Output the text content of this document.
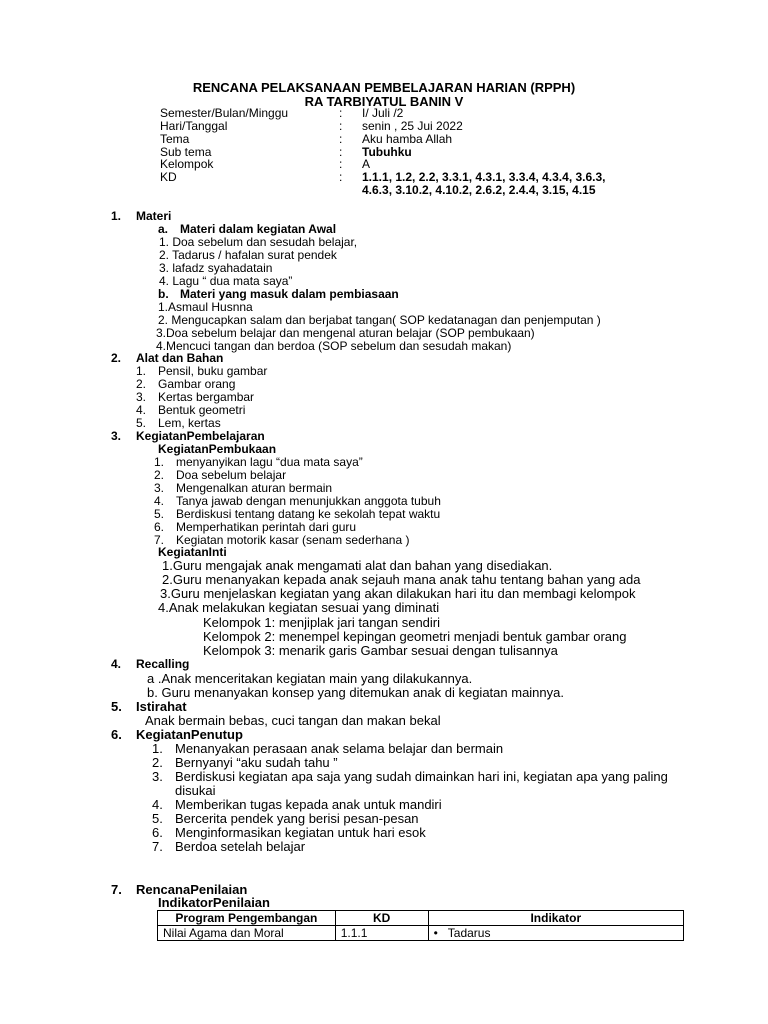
RENCANA PELAKSANAAN PEMBELAJARAN HARIAN (RPPH)
RA TARBIYATUL BANIN V
Semester/Bulan/Minggu	: I/ Juli /2
Hari/Tanggal	: senin , 25 Jui 2022
Tema	: Aku hamba Allah
Sub tema	: Tubuhku
Kelompok	: A
KD	: 1.1.1, 1.2, 2.2, 3.3.1, 4.3.1, 3.3.4, 4.3.4, 3.6.3,
4.6.3, 3.10.2, 4.10.2, 2.6.2, 2.4.4, 3.15, 4.15
1. Materi
a. Materi dalam kegiatan Awal
1. Doa sebelum dan sesudah belajar,
2. Tadarus / hafalan surat pendek
3. lafadz syahadatain
4. Lagu “ dua mata saya”
b. Materi yang masuk dalam pembiasaan
1.Asmaul Husnna
2. Mengucapkan salam dan berjabat tangan( SOP kedatanagan dan penjemputan )
3.Doa sebelum belajar dan mengenal aturan belajar (SOP pembukaan)
4.Mencuci tangan dan berdoa (SOP sebelum dan sesudah makan)
2. Alat dan Bahan
1. Pensil, buku gambar
2. Gambar orang
3. Kertas bergambar
4. Bentuk geometri
5. Lem, kertas
3. KegiatanPembelajaran
KegiatanPembukaan
1. menyanyikan lagu “dua mata saya”
2. Doa sebelum belajar
3. Mengenalkan aturan bermain
4. Tanya jawab dengan menunjukkan anggota tubuh
5. Berdiskusi tentang datang ke sekolah tepat waktu
6. Memperhatikan perintah dari guru
7. Kegiatan motorik kasar (senam sederhana )
KegiatanInti
1.Guru mengajak anak mengamati alat dan bahan yang disediakan.
2.Guru menanyakan kepada anak sejauh mana anak tahu tentang bahan yang ada
3.Guru menjelaskan kegiatan yang akan dilakukan hari itu dan membagi kelompok
4.Anak melakukan kegiatan sesuai yang diminati
Kelompok 1: menjiplak jari tangan sendiri
Kelompok 2: menempel kepingan geometri menjadi bentuk gambar orang
Kelompok 3: menarik garis Gambar sesuai dengan tulisannya
4. Recalling
a .Anak menceritakan kegiatan main yang dilakukannya.
b. Guru menanyakan konsep yang ditemukan anak di kegiatan mainnya.
5. Istirahat
Anak bermain bebas, cuci tangan dan makan bekal
6. KegiatanPenutup
1. Menanyakan perasaan anak selama belajar dan bermain
2. Bernyanyi “aku sudah tahu ”
3. Berdiskusi kegiatan apa saja yang sudah dimainkan hari ini, kegiatan apa yang paling
disukai
4. Memberikan tugas kepada anak untuk mandiri
5. Bercerita pendek yang berisi pesan-pesan
6. Menginformasikan kegiatan untuk hari esok
7. Berdoa setelah belajar
7. RencanaPenilaian
IndikatorPenilaian
Program Pengembangan	KD	Indikator
Nilai Agama dan Moral	1.1.1	• Tadarus
